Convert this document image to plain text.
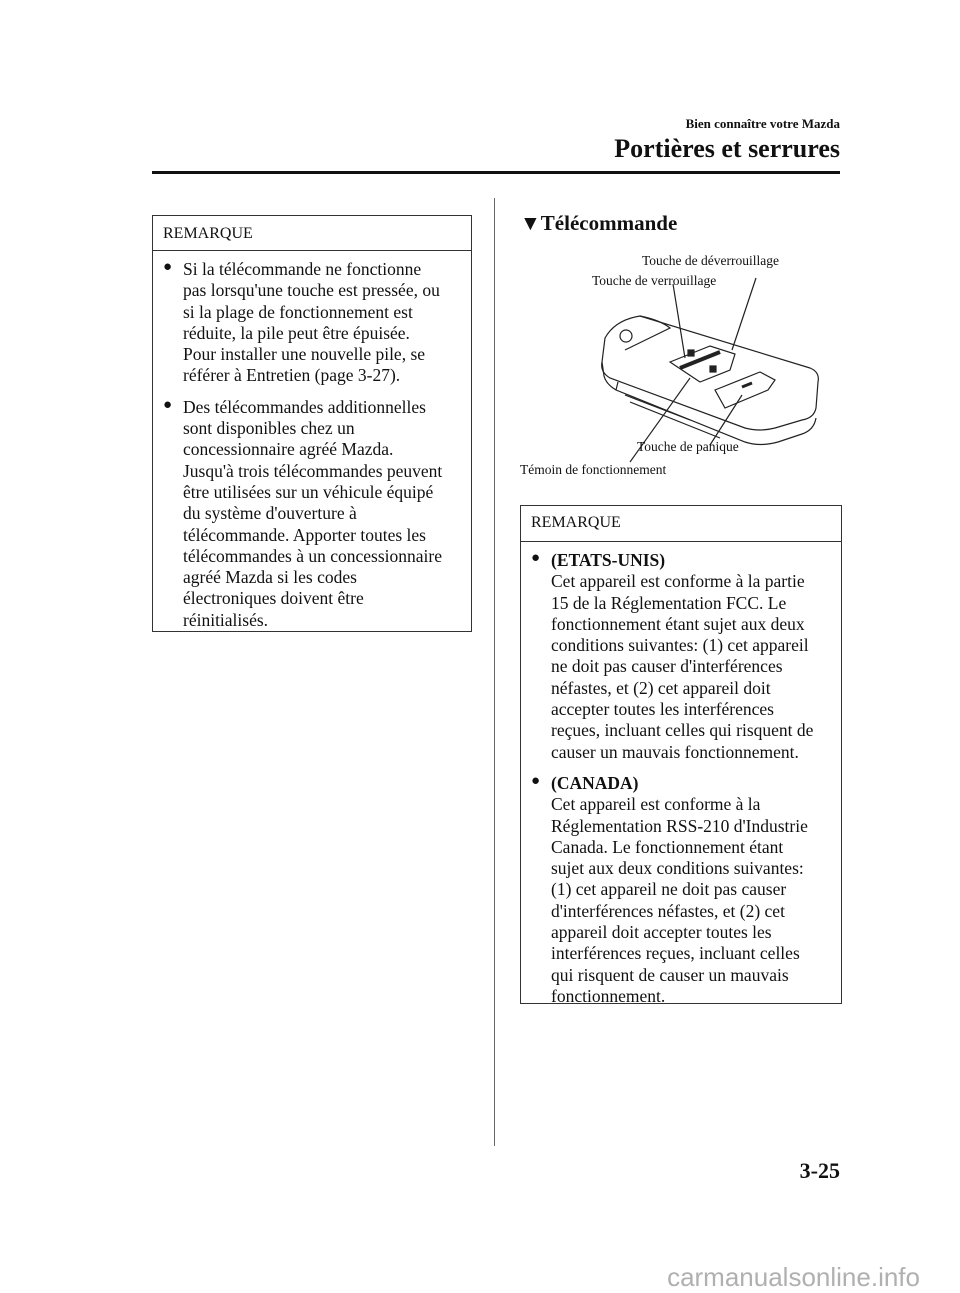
Bien connaître votre Mazda
Portières et serrures
REMARQUE
● Si la télécommande ne fonctionne
pas lorsqu'une touche est pressée, ou
si la plage de fonctionnement est
réduite, la pile peut être épuisée.
Pour installer une nouvelle pile, se
référer à Entretien (page 3-27).
● Des télécommandes additionnelles
sont disponibles chez un
concessionnaire agréé Mazda.
Jusqu'à trois télécommandes peuvent
être utilisées sur un véhicule équipé
du système d'ouverture à
télécommande. Apporter toutes les
télécommandes à un concessionnaire
agréé Mazda si les codes
électroniques doivent être
réinitialisés.
▼Télécommande
Touche de déverrouillage
Touche de verrouillage
Touche de panique
Témoin de fonctionnement
REMARQUE
● (ETATS-UNIS)
Cet appareil est conforme à la partie
15 de la Réglementation FCC. Le
fonctionnement étant sujet aux deux
conditions suivantes: (1) cet appareil
ne doit pas causer d'interférences
néfastes, et (2) cet appareil doit
accepter toutes les interférences
reçues, incluant celles qui risquent de
causer un mauvais fonctionnement.
● (CANADA)
Cet appareil est conforme à la
Réglementation RSS-210 d'Industrie
Canada. Le fonctionnement étant
sujet aux deux conditions suivantes:
(1) cet appareil ne doit pas causer
d'interférences néfastes, et (2) cet
appareil doit accepter toutes les
interférences reçues, incluant celles
qui risquent de causer un mauvais
fonctionnement.
3-25
carmanualsonline.info
